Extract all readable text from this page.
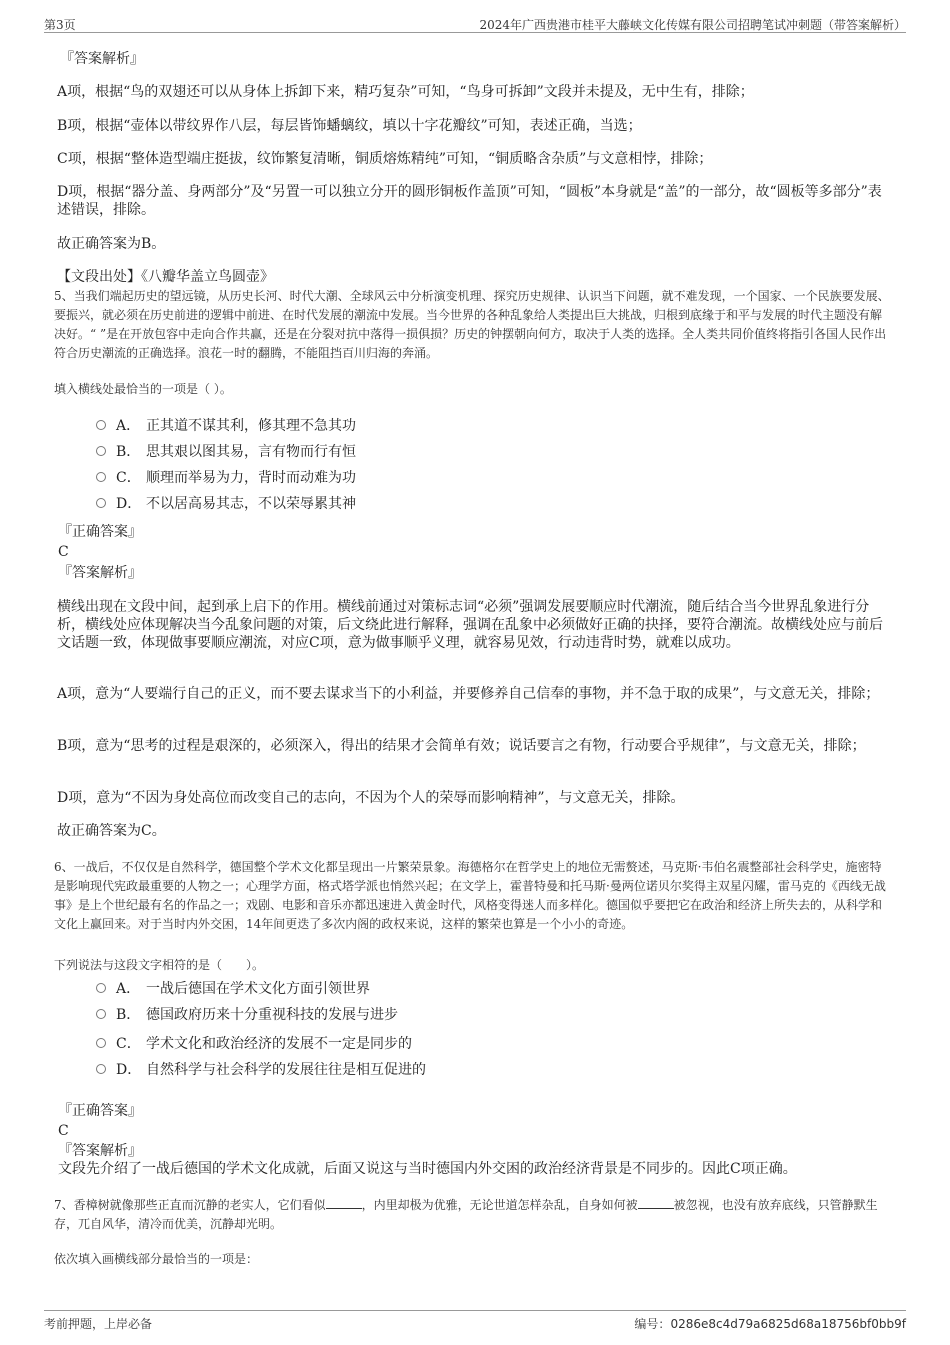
第3页	2024年广西贵港市桂平大藤峡文化传媒有限公司招聘笔试冲刺题（带答案解析）
『答案解析』
A项，根据“鸟的双翅还可以从身体上拆卸下来，精巧复杂”可知，“鸟身可拆卸”文段并未提及，无中生有，排除；
B项，根据“壶体以带纹界作八层，每层皆饰蟠螭纹，填以十字花瓣纹”可知，表述正确，当选；
C项，根据“整体造型端庄挺拔，纹饰繁复清晰，铜质熔炼精纯”可知，“铜质略含杂质”与文意相悖，排除；
D项，根据“器分盖、身两部分”及“另置一可以独立分开的圆形铜板作盖顶”可知，“圆板”本身就是“盖”的一部分，故“圆板等多部分”表述错误，排除。
故正确答案为B。
【文段出处】《八瓣华盖立鸟圆壶》
5、当我们端起历史的望远镜，从历史长河、时代大潮、全球风云中分析演变机理、探究历史规律、认识当下问题，就不难发现，一个国家、一个民族要发展、要振兴，就必须在历史前进的逻辑中前进、在时代发展的潮流中发展。当今世界的各种乱象给人类提出巨大挑战，归根到底缘于和平与发展的时代主题没有解决好。“ ”是在开放包容中走向合作共赢，还是在分裂对抗中落得一损俱损？历史的钟摆朝向何方，取决于人类的选择。全人类共同价值终将指引各国人民作出符合历史潮流的正确选择。浪花一时的翻腾，不能阻挡百川归海的奔涌。
填入横线处最恰当的一项是（ ）。
A． 正其道不谋其利，修其理不急其功
B． 思其艰以图其易，言有物而行有恒
C． 顺理而举易为力，背时而动难为功
D． 不以居高易其志，不以荣辱累其神
『正确答案』
C
『答案解析』
横线出现在文段中间，起到承上启下的作用。横线前通过对策标志词“必须”强调发展要顺应时代潮流，随后结合当今世界乱象进行分析，横线处应体现解决当今乱象问题的对策，后文绕此进行解释，强调在乱象中必须做好正确的抉择，要符合潮流。故横线处应与前后文话题一致，体现做事要顺应潮流，对应C项，意为做事顺乎义理，就容易见效，行动违背时势，就难以成功。
A项，意为“人要端行自己的正义，而不要去谋求当下的小利益，并要修养自己信奉的事物，并不急于取的成果”，与文意无关，排除；
B项，意为“思考的过程是艰深的，必须深入，得出的结果才会简单有效；说话要言之有物，行动要合乎规律”，与文意无关，排除；
D项，意为“不因为身处高位而改变自己的志向，不因为个人的荣辱而影响精神”，与文意无关，排除。
故正确答案为C。
6、一战后，不仅仅是自然科学，德国整个学术文化都呈现出一片繁荣景象。海德格尔在哲学史上的地位无需赘述，马克斯·韦伯名震整部社会科学史，施密特是影响现代宪政最重要的人物之一；心理学方面，格式塔学派也悄然兴起；在文学上，霍普特曼和托马斯·曼两位诺贝尔奖得主双星闪耀，雷马克的《西线无战事》是上个世纪最有名的作品之一；戏剧、电影和音乐亦都迅速进入黄金时代，风格变得迷人而多样化。德国似乎要把它在政治和经济上所失去的，从科学和文化上赢回来。对于当时内外交困，14年间更迭了多次内阁的政权来说，这样的繁荣也算是一个小小的奇迹。
下列说法与这段文字相符的是（　　）。
A． 一战后德国在学术文化方面引领世界
B． 德国政府历来十分重视科技的发展与进步
C． 学术文化和政治经济的发展不一定是同步的
D． 自然科学与社会科学的发展往往是相互促进的
『正确答案』
C
『答案解析』
文段先介绍了一战后德国的学术文化成就，后面又说这与当时德国内外交困的政治经济背景是不同步的。因此C项正确。
7、香樟树就像那些正直而沉静的老实人，它们看似	，内里却极为优雅，无论世道怎样杂乱，自身如何被	被忽视，也没有放弃底线，只管静默生存，兀自风华，清冷而优美，沉静却光明。
依次填入画横线部分最恰当的一项是：
考前押题，上岸必备	编号：0286e8c4d79a6825d68a18756bf0bb9f
